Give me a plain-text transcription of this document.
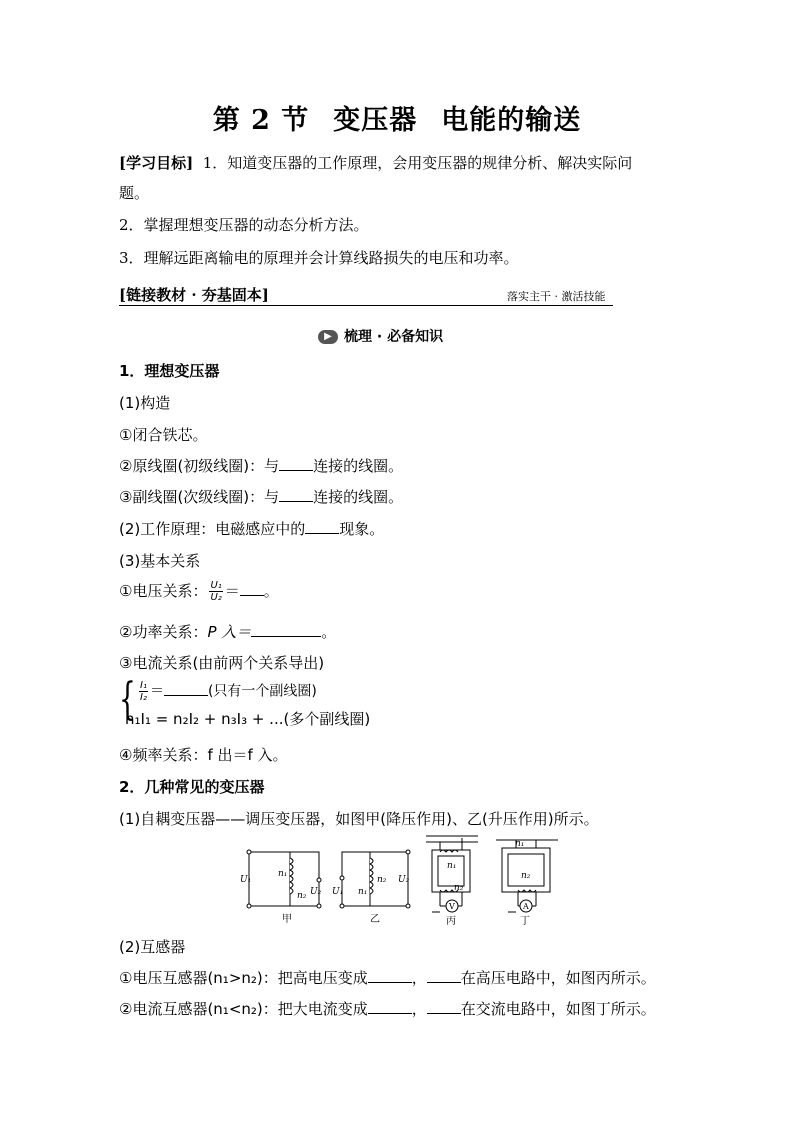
第 2 节 变压器 电能的输送
[学习目标] 1．知道变压器的工作原理，会用变压器的规律分析、解决实际问
题。
2．掌握理想变压器的动态分析方法。
3．理解远距离输电的原理并会计算线路损失的电压和功率。
[链接教材 · 夯基固本]	落实主干 · 激活技能
▶ 梳理 · 必备知识
1．理想变压器
(1)构造
①闭合铁芯。
②原线圈(初级线圈)：与 连接的线圈。
③副线圈(次级线圈)：与 连接的线圈。
(2)工作原理：电磁感应中的 现象。
(3)基本关系
①电压关系： $\frac{\text{U₁}}{\text{U₂}}$ ＝ 。
②功率关系：P 入＝	。
③电流关系(由前两个关系导出)
{ $\frac{\text{I₁}}{\text{I₂}}$ ＝	(只有一个副线圈)
n₁I₁ = n₂I₂ + n₃I₃ + ...(多个副线圈)
④频率关系：f 出＝f 入。
2．几种常见的变压器
(1)自耦变压器——调压变压器，如图甲(降压作用)、乙(升压作用)所示。
U₁
n₁
n₂ U₂ U₁ n₁
n₂ U₂
n₁
n₂
n₁
n₂
V	A
甲	乙	丙	丁
(2)互感器
①电压互感器(n₁>n₂)：把高电压变成	， 在高压电路中，如图丙所示。
②电流互感器(n₁<n₂)：把大电流变成	， 在交流电路中，如图丁所示。
